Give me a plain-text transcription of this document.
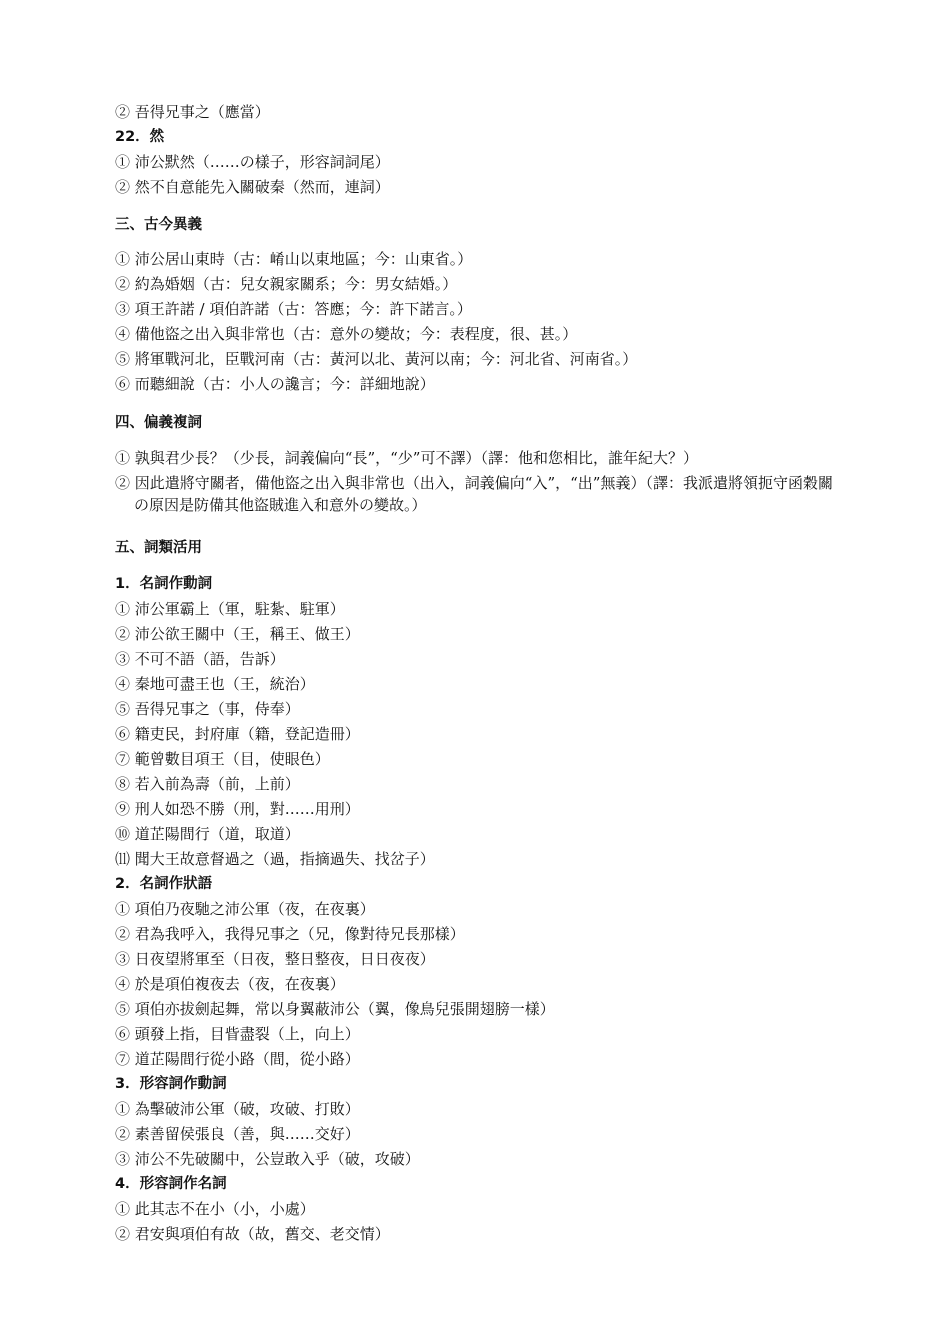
② 吾得兄事之（應當）
22．然
① 沛公默然（……の樣子，形容詞詞尾）
② 然不自意能先入關破秦（然而，連詞）
三、古今異義
① 沛公居山東時（古：崤山以東地區；今：山東省。）
② 約為婚姻（古：兒女親家關系；今：男女結婚。）
③ 項王許諾 / 項伯許諾（古：答應；今：許下諾言。）
④ 備他盜之出入與非常也（古：意外の變故；今：表程度，很、甚。）
⑤ 將軍戰河北，臣戰河南（古：黃河以北、黃河以南；今：河北省、河南省。）
⑥ 而聽細說（古：小人の讒言；今：詳細地說）
四、偏義複詞
① 孰與君少長？（少長，詞義偏向“長”，“少”可不譯）（譯：他和您相比，誰年紀大？）
② 因此遣將守關者，備他盜之出入與非常也（出入，詞義偏向“入”，“出”無義）（譯：我派遣將領扼守函穀關の原因是防備其他盜賊進入和意外の變故。）
五、詞類活用
1．名詞作動詞
① 沛公軍霸上（軍，駐紮、駐軍）
② 沛公欲王關中（王，稱王、做王）
③ 不可不語（語，告訴）
④ 秦地可盡王也（王，統治）
⑤ 吾得兄事之（事，侍奉）
⑥ 籍吏民，封府庫（籍，登記造冊）
⑦ 範曾數目項王（目，使眼色）
⑧ 若入前為壽（前，上前）
⑨ 刑人如恐不勝（刑，對……用刑）
⑩ 道芷陽間行（道，取道）
⑾ 聞大王故意督過之（過，指摘過失、找岔子）
2．名詞作狀語
① 項伯乃夜馳之沛公軍（夜，在夜裏）
② 君為我呼入，我得兄事之（兄，像對待兄長那樣）
③ 日夜望將軍至（日夜，整日整夜，日日夜夜）
④ 於是項伯複夜去（夜，在夜裏）
⑤ 項伯亦拔劍起舞，常以身翼蔽沛公（翼，像鳥兒張開翅膀一樣）
⑥ 頭發上指，目眥盡裂（上，向上）
⑦ 道芷陽間行從小路（間，從小路）
3．形容詞作動詞
① 為擊破沛公軍（破，攻破、打敗）
② 素善留侯張良（善，與……交好）
③ 沛公不先破關中，公豈敢入乎（破，攻破）
4．形容詞作名詞
① 此其志不在小（小，小處）
② 君安與項伯有故（故，舊交、老交情）
